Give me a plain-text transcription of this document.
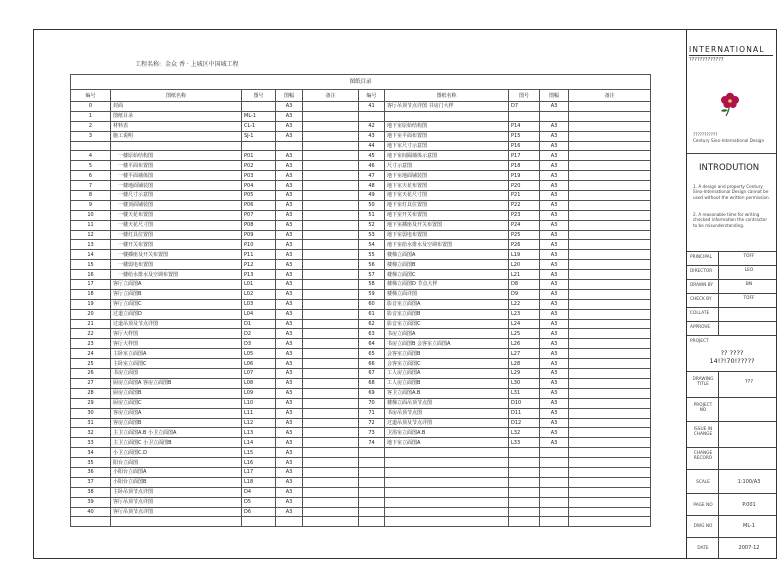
工程名称: 金众 香 · 上城区中国城工程
图纸目录									
编号	图纸名称	图号	图幅	备注	编号	图纸名称	图号	图幅	备注
0	封面		A3		41	客厅吊顶节点详图 书房门大样	D7	A3	
1	图纸目录	ML-1	A3						
2	材料表	CL-1	A3		42	地下室原始结构图	P14	A3	
3	施工说明	SJ-1	A3		43	地下室平面布置图	P15	A3	
					44	地下室尺寸示意图	P16	A3	
4	一楼原始结构图	P01	A3		45	地下室间隔墙体示意图	P17	A3	
5	一楼平面布置图	P02	A3		46	尺寸示意图	P18	A3	
6	一楼平面墙体图	P03	A3		47	地下室地面铺装图	P19	A3	
7	一楼地面铺装图	P04	A3		48	地下室天花布置图	P20	A3	
8	一楼尺寸示意图	P05	A3		49	地下室天花尺寸图	P21	A3	
9	一楼顶面铺装图	P06	A3		50	地下室灯具位置图	P22	A3	
10	一楼天花布置图	P07	A3		51	地下室开关布置图	P23	A3	
11	一楼天花尺寸图	P08	A3		52	地下室插座及开关布置图	P24	A3	
12	一楼灯具位置图	P09	A3		53	地下室弱电布置图	P25	A3	
13	一楼开关布置图	P10	A3		54	地下室给水排水及空调布置图	P26	A3	
14	一楼插座及开关布置图	P11	A3		55	楼梯立面图A	L19	A3	
15	一楼弱电布置图	P12	A3		56	楼梯立面图B	L20	A3	
16	一楼给水排水及空调布置图	P13	A3		57	楼梯立面图C	L21	A3	
17	客厅立面图A	L01	A3		58	楼梯立面图D 节点大样	D8	A3	
18	客厅立面图B	L02	A3		59	楼梯立面详图	D9	A3	
19	客厅立面图C	L03	A3		60	影音室立面图A	L22	A3	
20	过道立面图D	L04	A3		61	影音室立面图B	L23	A3	
21	过道吊顶及节点详图	D1	A3		62	影音室立面图C	L24	A3	
22	客厅大样图	D2	A3		63	书房立面图A	L25	A3	
23	客厅大样图	D3	A3		64	书房立面图B 会客室立面图A	L26	A3	
24	主卧室立面图A	L05	A3		65	会客室立面图B	L27	A3	
25	主卧室立面图C	L06	A3		66	会客室立面图C	L28	A3	
26	书房立面图	L07	A3		67	工人房立面图A	L29	A3	
27	厨房立面图A 客房立面图B	L08	A3		68	工人房立面图B	L30	A3	
28	厨房立面图B	L09	A3		69	客卫立面图A.B	L31	A3	
29	厨房立面图C	L10	A3		70	楼梯立面吊顶节点图	D10	A3	
30	客房立面图A	L11	A3		71	书房吊顶节点图	D11	A3	
31	客房立面图B	L12	A3		72	过道吊顶及节点详图	D12	A3	
32	主卫立面图A.B 小卫立面图A	L13	A3		73	卫浴室立面图A.B	L32	A3	
33	主卫立面图C 小卫立面图B	L14	A3		74	地下室立面图A	L33	A3	
34	小卫立面图C.D	L15	A3						
35	阳台立面图	L16	A3						
36	小阳台立面图A	L17	A3						
37	小阳台立面图B	L18	A3						
38	主卧吊顶节点详图	D4	A3						
39	客厅吊顶节点详图	D5	A3						
40	客厅吊顶节点详图	D6	A3						

INTERNATIONAL
?????????????
???????????
Century Sino-International Design
INTRODUTION
1. A design and property Century Sino-International Design cannot be used without the written permission.
2. A reasonable time for writing checked information the contractor to be misunderstanding.
PRINCIPAL	TOFF
DIRECTOR	LEO
DRAWN BY	BN
CHECK BY	TOFF
COLLATE
APPROVE
PROJECT
?? ????
14!?!70!?????
DRAWING TITLE	???
PROJECT NO
ISSUE IN CHANGE
CHANGE RECORD
SCALE	1:100/A3
PAGE NO	P.001
DWG NO	ML-1
DATE	2007-12
